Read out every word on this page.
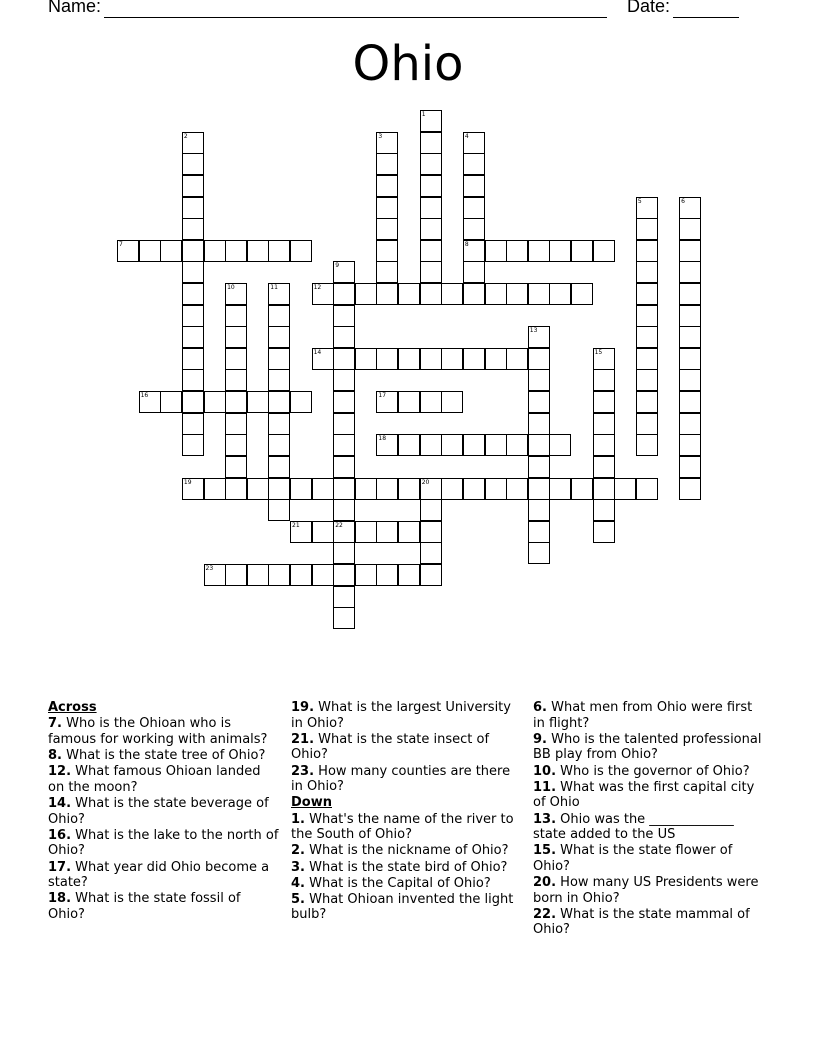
Name:	Date:
Ohio
1
2	3	4
8
5	6
7
9
22
10	11	12
13
14	15
16	17
18
19	20
21
23

Across

7. Who is the Ohioan who is famous for working with animals?

8. What is the state tree of Ohio?

12. What famous Ohioan landed on the moon?

14. What is the state beverage of Ohio?

16. What is the lake to the north of Ohio?

17. What year did Ohio become a state?

18. What is the state fossil of Ohio?

19. What is the largest University in Ohio?

21. What is the state insect of Ohio?

23. How many counties are there in Ohio?

Down

1. What's the name of the river to the South of Ohio?

2. What is the nickname of Ohio?

3. What is the state bird of Ohio?

4. What is the Capital of Ohio?

5. What Ohioan invented the light bulb?

6. What men from Ohio were first in flight?

9. Who is the talented professional BB play from Ohio?

10. Who is the governor of Ohio?

11. What was the first capital city of Ohio

13. Ohio was the _____________ state added to the US

15. What is the state flower of Ohio?

20. How many US Presidents were born in Ohio?

22. What is the state mammal of Ohio?
